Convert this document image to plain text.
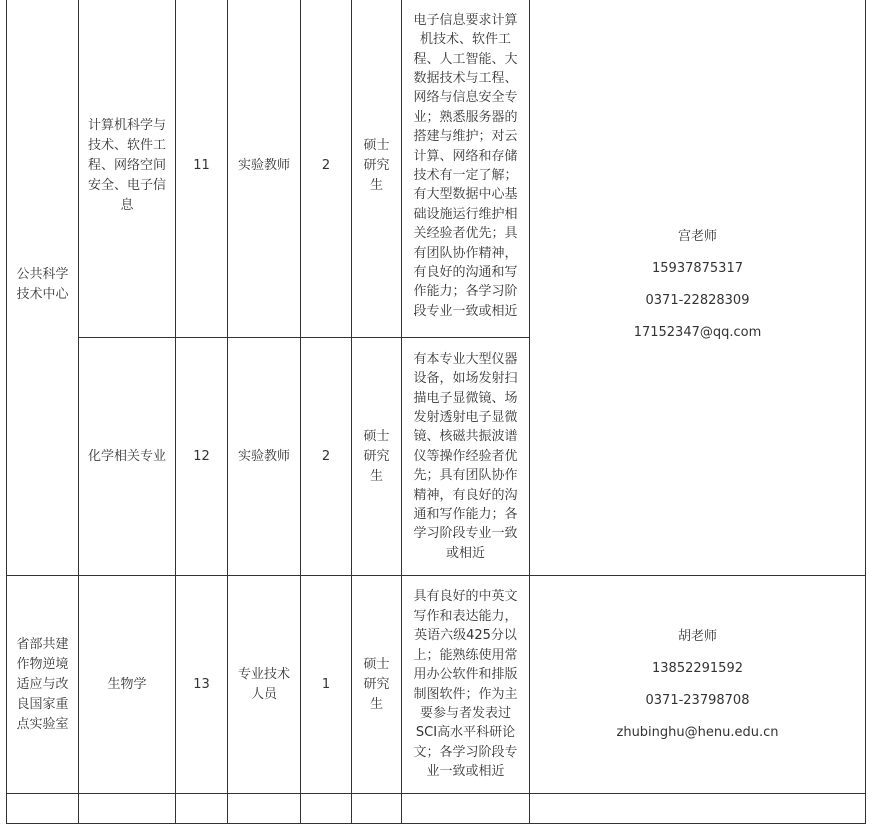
公共科学技术中心	计算机科学与技术、软件工程、网络空间安全、电子信息	11	实验教师	2	硕士研究生	电子信息要求计算机技术、软件工程、人工智能、大数据技术与工程、网络与信息安全专业；熟悉服务器的搭建与维护；对云计算、网络和存储技术有一定了解；有大型数据中心基础设施运行维护相关经验者优先；具有团队协作精神，有良好的沟通和写作能力；各学习阶段专业一致或相近	宫老师
15937875317
0371-22828309
17152347@qq.com

	化学相关专业	12	实验教师	2	硕士研究生	有本专业大型仪器设备，如场发射扫描电子显微镜、场发射透射电子显微镜、核磁共振波谱仪等操作经验者优先；具有团队协作精神，有良好的沟通和写作能力；各学习阶段专业一致或相近	

省部共建作物逆境适应与改良国家重点实验室	生物学	13	专业技术人员	1	硕士研究生	具有良好的中英文写作和表达能力，英语六级425分以上；能熟练使用常用办公软件和排版制图软件；作为主要参与者发表过SCI高水平科研论文；各学习阶段专业一致或相近	胡老师
13852291592
0371-23798708
zhubinghu@henu.edu.cn
